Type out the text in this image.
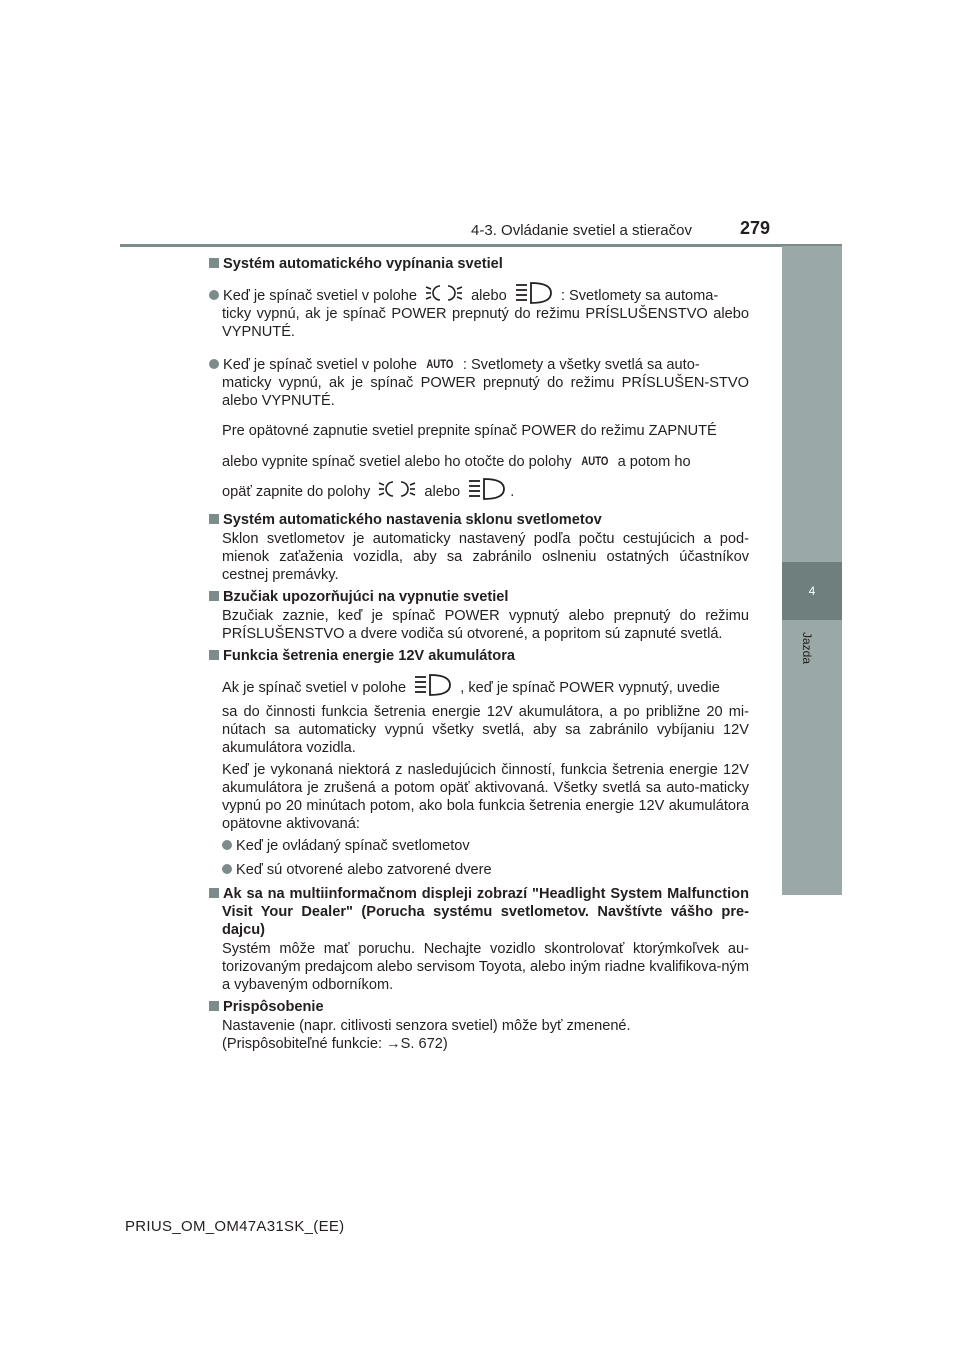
4-3. Ovládanie svetiel a stieračov	279
4
Jazda
Systém automatického vypínania svetiel
Keď je spínač svetiel v polohe	alebo	: Svetlomety sa automa-
ticky vypnú, ak je spínač POWER prepnutý do režimu PRÍSLUŠENSTVO alebo VYPNUTÉ.
Keď je spínač svetiel v polohe AUTO : Svetlomety a všetky svetlá sa auto-
maticky vypnú, ak je spínač POWER prepnutý do režimu PRÍSLUŠEN-STVO alebo VYPNUTÉ.
Pre opätovné zapnutie svetiel prepnite spínač POWER do režimu ZAPNUTÉ
alebo vypnite spínač svetiel alebo ho otočte do polohy AUTO a potom ho
opäť zapnite do polohy	alebo	.
Systém automatického nastavenia sklonu svetlometov
Sklon svetlometov je automaticky nastavený podľa počtu cestujúcich a pod-mienok zaťaženia vozidla, aby sa zabránilo oslneniu ostatných účastníkov cestnej premávky.
Bzučiak upozorňujúci na vypnutie svetiel
Bzučiak zaznie, keď je spínač POWER vypnutý alebo prepnutý do režimu PRÍSLUŠENSTVO a dvere vodiča sú otvorené, a popritom sú zapnuté svetlá.
Funkcia šetrenia energie 12V akumulátora
Ak je spínač svetiel v polohe	, keď je spínač POWER vypnutý, uvedie
sa do činnosti funkcia šetrenia energie 12V akumulátora, a po približne 20 mi-nútach sa automaticky vypnú všetky svetlá, aby sa zabránilo vybíjaniu 12V akumulátora vozidla.
Keď je vykonaná niektorá z nasledujúcich činností, funkcia šetrenia energie 12V akumulátora je zrušená a potom opäť aktivovaná. Všetky svetlá sa auto-maticky vypnú po 20 minútach potom, ako bola funkcia šetrenia energie 12V akumulátora opätovne aktivovaná:
Keď je ovládaný spínač svetlometov
Keď sú otvorené alebo zatvorené dvere
Ak sa na multiinformačnom displeji zobrazí "Headlight System Malfunction Visit Your Dealer" (Porucha systému svetlometov. Navštívte vášho pre-dajcu)
Systém môže mať poruchu. Nechajte vozidlo skontrolovať ktorýmkoľvek au-torizovaným predajcom alebo servisom Toyota, alebo iným riadne kvalifikova-ným a vybaveným odborníkom.
Prispôsobenie
Nastavenie (napr. citlivosti senzora svetiel) môže byť zmenené.
(Prispôsobiteľné funkcie: →S. 672)
PRIUS_OM_OM47A31SK_(EE)
